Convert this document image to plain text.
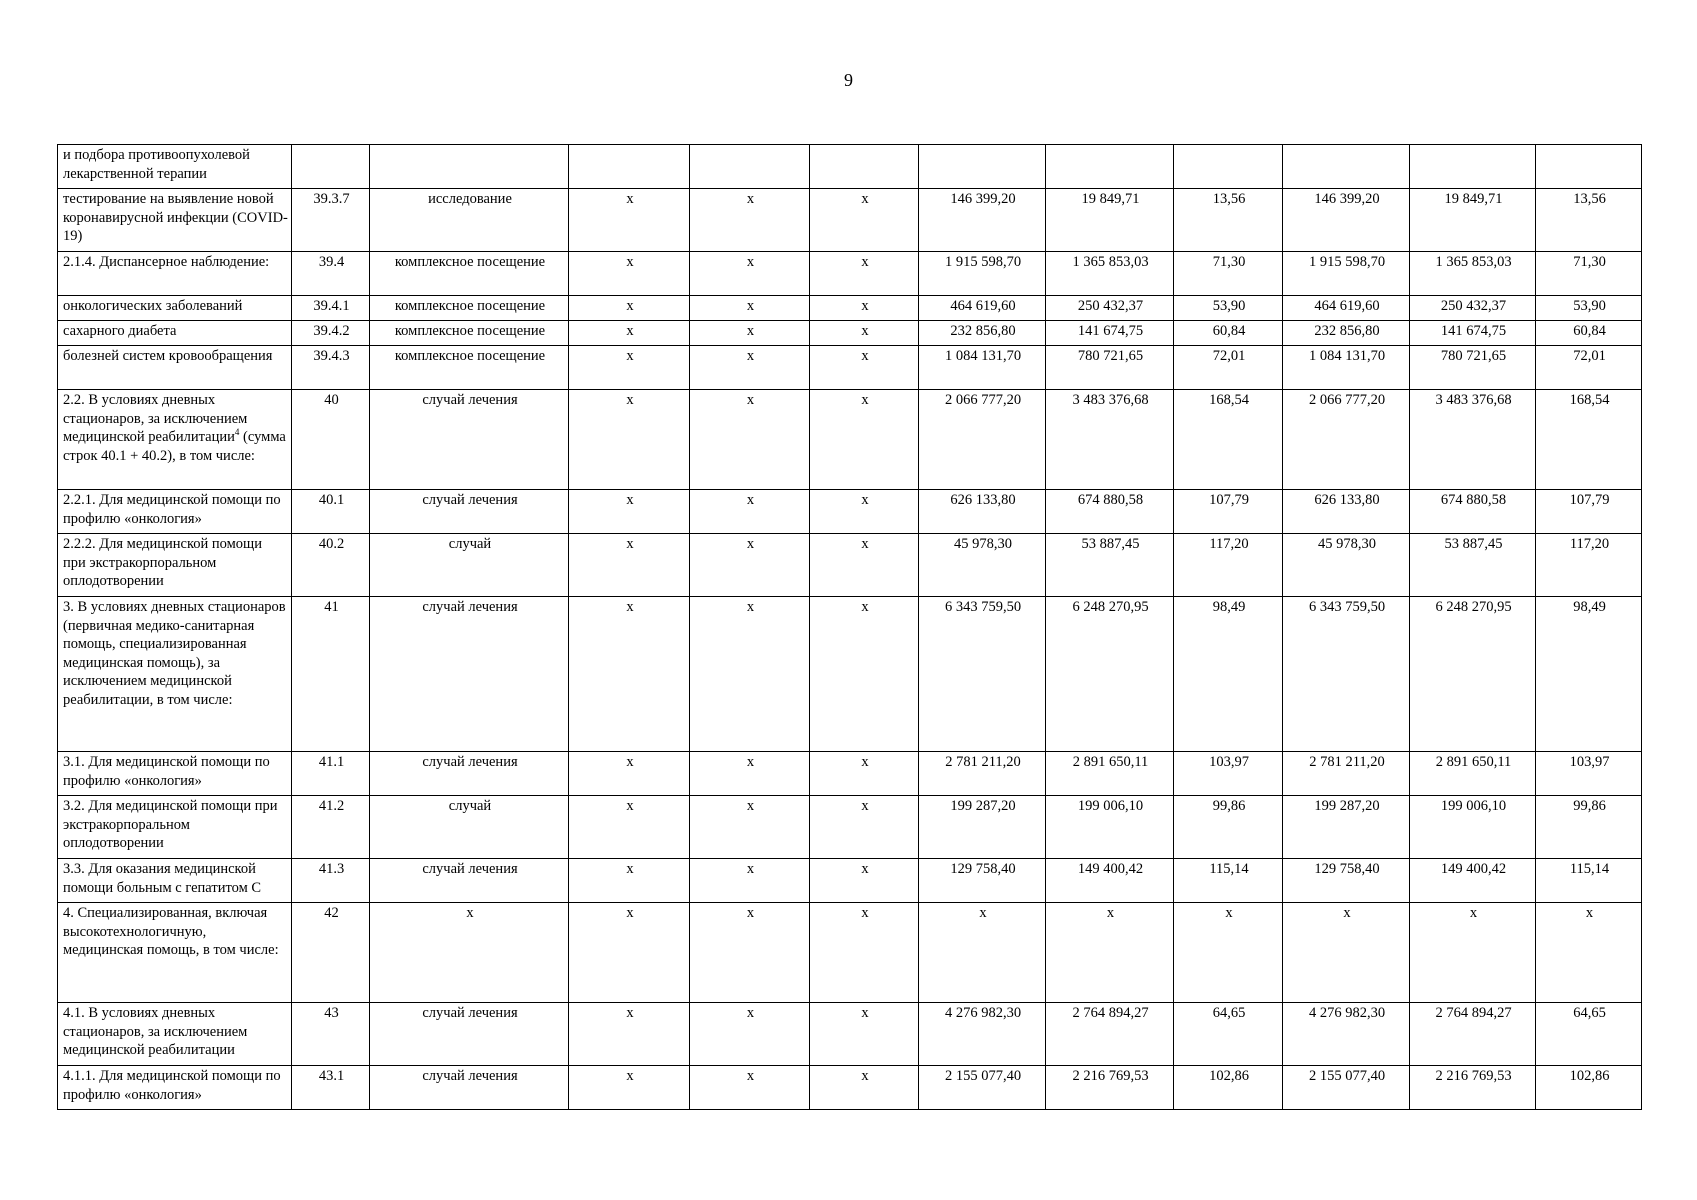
9
и подбора противоопухолевой лекарственной терапии											
тестирование на выявление новой коронавирусной инфекции (COVID-19)	39.3.7	исследование	x	x	x	146 399,20	19 849,71	13,56	146 399,20	19 849,71	13,56
2.1.4. Диспансерное наблюдение:	39.4	комплексное посещение	x	x	x	1 915 598,70	1 365 853,03	71,30	1 915 598,70	1 365 853,03	71,30
онкологических заболеваний	39.4.1	комплексное посещение	x	x	x	464 619,60	250 432,37	53,90	464 619,60	250 432,37	53,90
сахарного диабета	39.4.2	комплексное посещение	x	x	x	232 856,80	141 674,75	60,84	232 856,80	141 674,75	60,84
болезней систем кровообращения	39.4.3	комплексное посещение	x	x	x	1 084 131,70	780 721,65	72,01	1 084 131,70	780 721,65	72,01
2.2. В условиях дневных стационаров, за исключением медицинской реабилитации$^4$ (сумма строк 40.1 + 40.2), в том числе:	40	случай лечения	x	x	x	2 066 777,20	3 483 376,68	168,54	2 066 777,20	3 483 376,68	168,54
2.2.1. Для медицинской помощи по профилю «онкология»	40.1	случай лечения	x	x	x	626 133,80	674 880,58	107,79	626 133,80	674 880,58	107,79
2.2.2. Для медицинской помощи при экстракорпоральном оплодотворении	40.2	случай	x	x	x	45 978,30	53 887,45	117,20	45 978,30	53 887,45	117,20
3. В условиях дневных стационаров (первичная медико-санитарная помощь, специализированная медицинская помощь), за исключением медицинской реабилитации, в том числе:	41	случай лечения	x	x	x	6 343 759,50	6 248 270,95	98,49	6 343 759,50	6 248 270,95	98,49
3.1. Для медицинской помощи по профилю «онкология»	41.1	случай лечения	x	x	x	2 781 211,20	2 891 650,11	103,97	2 781 211,20	2 891 650,11	103,97
3.2. Для медицинской помощи при экстракорпоральном оплодотворении	41.2	случай	x	x	x	199 287,20	199 006,10	99,86	199 287,20	199 006,10	99,86
3.3. Для оказания медицинской помощи больным с гепатитом С	41.3	случай лечения	x	x	x	129 758,40	149 400,42	115,14	129 758,40	149 400,42	115,14
4. Специализированная, включая высокотехнологичную, медицинская помощь, в том числе:	42	x	x	x	x	x	x	x	x	x	x
4.1. В условиях дневных стационаров, за исключением медицинской реабилитации	43	случай лечения	x	x	x	4 276 982,30	2 764 894,27	64,65	4 276 982,30	2 764 894,27	64,65
4.1.1. Для медицинской помощи по профилю «онкология»	43.1	случай лечения	x	x	x	2 155 077,40	2 216 769,53	102,86	2 155 077,40	2 216 769,53	102,86
